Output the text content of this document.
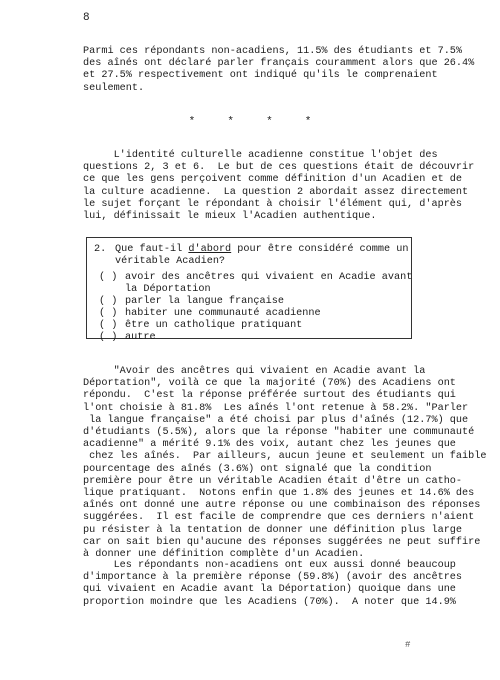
8

Parmi ces répondants non-acadiens, 11.5% des étudiants et 7.5%
des aînés ont déclaré parler français couramment alors que 26.4%
et 27.5% respectivement ont indiqué qu'ils le comprenaient
seulement.

*	*	*	*

L'identité culturelle acadienne constitue l'objet des
questions 2, 3 et 6.  Le but de ces questions était de découvrir
ce que les gens perçoivent comme définition d'un Acadien et de
la culture acadienne.  La question 2 abordait assez directement
le sujet forçant le répondant à choisir l'élément qui, d'après
lui, définissait le mieux l'Acadien authentique.

2. Que faut-il d'abord pour être considéré comme un
véritable Acadien?
( ) avoir des ancêtres qui vivaient en Acadie avant
la Déportation
( ) parler la langue française
( ) habiter une communauté acadienne
( ) être un catholique pratiquant
( ) autre

"Avoir des ancêtres qui vivaient en Acadie avant la
Déportation", voilà ce que la majorité (70%) des Acadiens ont
répondu.  C'est la réponse préférée surtout des étudiants qui
l'ont choisie à 81.8%  Les aînés l'ont retenue à 58.2%. "Parler
la langue française" a été choisi par plus d'aînés (12.7%) que
d'étudiants (5.5%), alors que la réponse "habiter une communauté
acadienne" a mérité 9.1% des voix, autant chez les jeunes que
chez les aînés.  Par ailleurs, aucun jeune et seulement un faible
pourcentage des aînés (3.6%) ont signalé que la condition
première pour être un véritable Acadien était d'être un catho-
lique pratiquant.  Notons enfin que 1.8% des jeunes et 14.6% des
aînés ont donné une autre réponse ou une combinaison des réponses
suggérées.  Il est facile de comprendre que ces derniers n'aient
pu résister à la tentation de donner une définition plus large
car on sait bien qu'aucune des réponses suggérées ne peut suffire
à donner une définition complète d'un Acadien.

Les répondants non-acadiens ont eux aussi donné beaucoup
d'importance à la première réponse (59.8%) (avoir des ancêtres
qui vivaient en Acadie avant la Déportation) quoique dans une
proportion moindre que les Acadiens (70%).  A noter que 14.9%

#
